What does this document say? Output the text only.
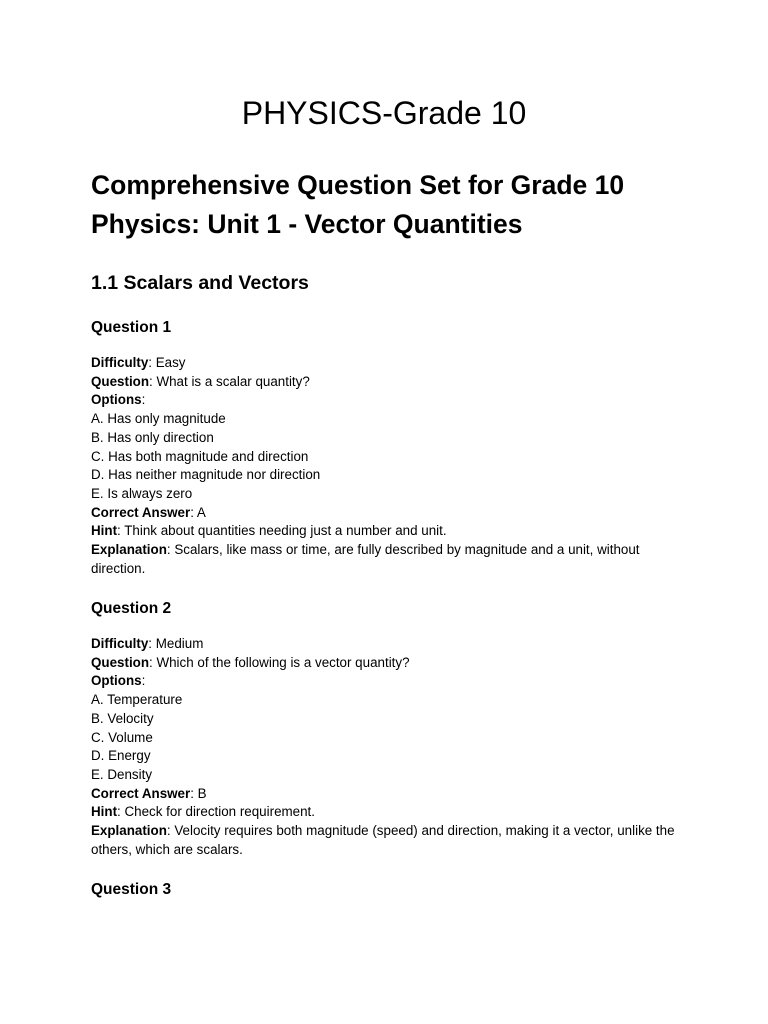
PHYSICS-Grade 10
Comprehensive Question Set for Grade 10
Physics: Unit 1 - Vector Quantities
1.1 Scalars and Vectors
Question 1
Difficulty: Easy
Question: What is a scalar quantity?
Options:
A. Has only magnitude
B. Has only direction
C. Has both magnitude and direction
D. Has neither magnitude nor direction
E. Is always zero
Correct Answer: A
Hint: Think about quantities needing just a number and unit.
Explanation: Scalars, like mass or time, are fully described by magnitude and a unit, without direction.
Question 2
Difficulty: Medium
Question: Which of the following is a vector quantity?
Options:
A. Temperature
B. Velocity
C. Volume
D. Energy
E. Density
Correct Answer: B
Hint: Check for direction requirement.
Explanation: Velocity requires both magnitude (speed) and direction, making it a vector, unlike the others, which are scalars.
Question 3
